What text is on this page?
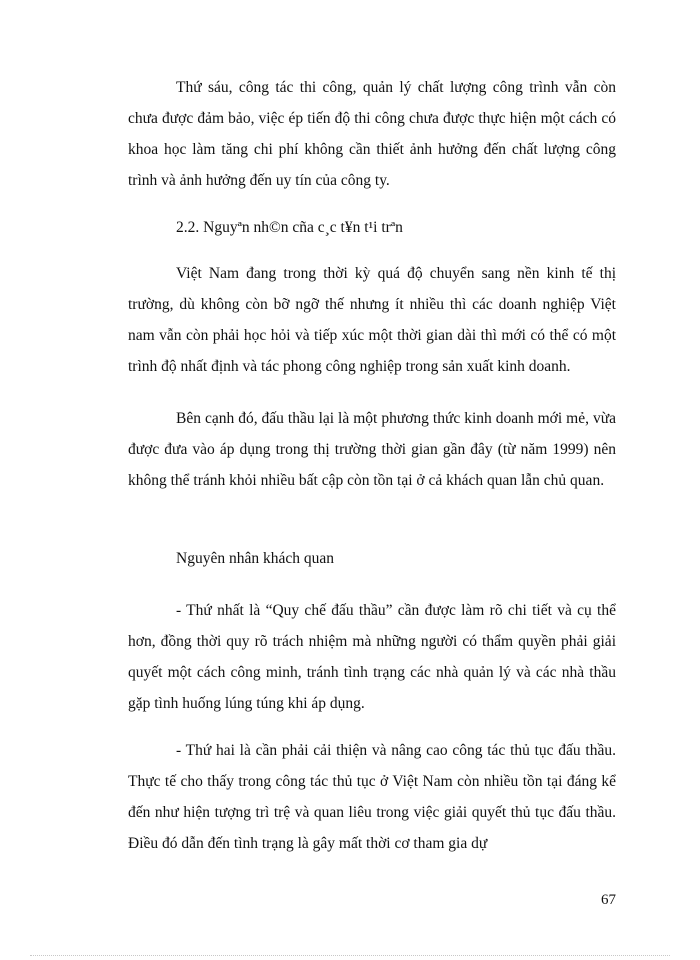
Thứ sáu, công tác thi công, quản lý chất lượng công trình vẫn còn chưa được đảm bảo, việc ép tiến độ thi công chưa được thực hiện một cách có khoa học làm tăng chi phí không cần thiết ảnh hưởng đến chất lượng công trình và ảnh hưởng đến uy tín của công ty.

2.2. Nguyªn nh©n cña c¸c t¥n t¹i trªn

Việt Nam đang trong thời kỳ quá độ chuyển sang nền kinh tế thị trường, dù không còn bỡ ngỡ thế nhưng ít nhiều thì các doanh nghiệp Việt nam vẫn còn phải học hỏi và tiếp xúc một thời gian dài thì mới có thể có một trình độ nhất định và tác phong công nghiệp trong sản xuất kinh doanh.

Bên cạnh đó, đấu thầu lại là một phương thức kinh doanh mới mẻ, vừa được đưa vào áp dụng trong thị trường thời gian gần đây (từ năm 1999) nên không thể tránh khỏi nhiều bất cập còn tồn tại ở cả khách quan lẫn chủ quan.

Nguyên nhân khách quan

- Thứ nhất là “Quy chế đấu thầu” cần được làm rõ chi tiết và cụ thể hơn, đồng thời quy rõ trách nhiệm mà những người có thẩm quyền phải giải quyết một cách công minh, tránh tình trạng các nhà quản lý và các nhà thầu gặp tình huống lúng túng khi áp dụng.

- Thứ hai là cần phải cải thiện và nâng cao công tác thủ tục đấu thầu. Thực tế cho thấy trong công tác thủ tục ở Việt Nam còn nhiều tồn tại đáng kể đến như hiện tượng trì trệ và quan liêu trong việc giải quyết thủ tục đấu thầu. Điều đó dẫn đến tình trạng là gây mất thời cơ tham gia dự

67
